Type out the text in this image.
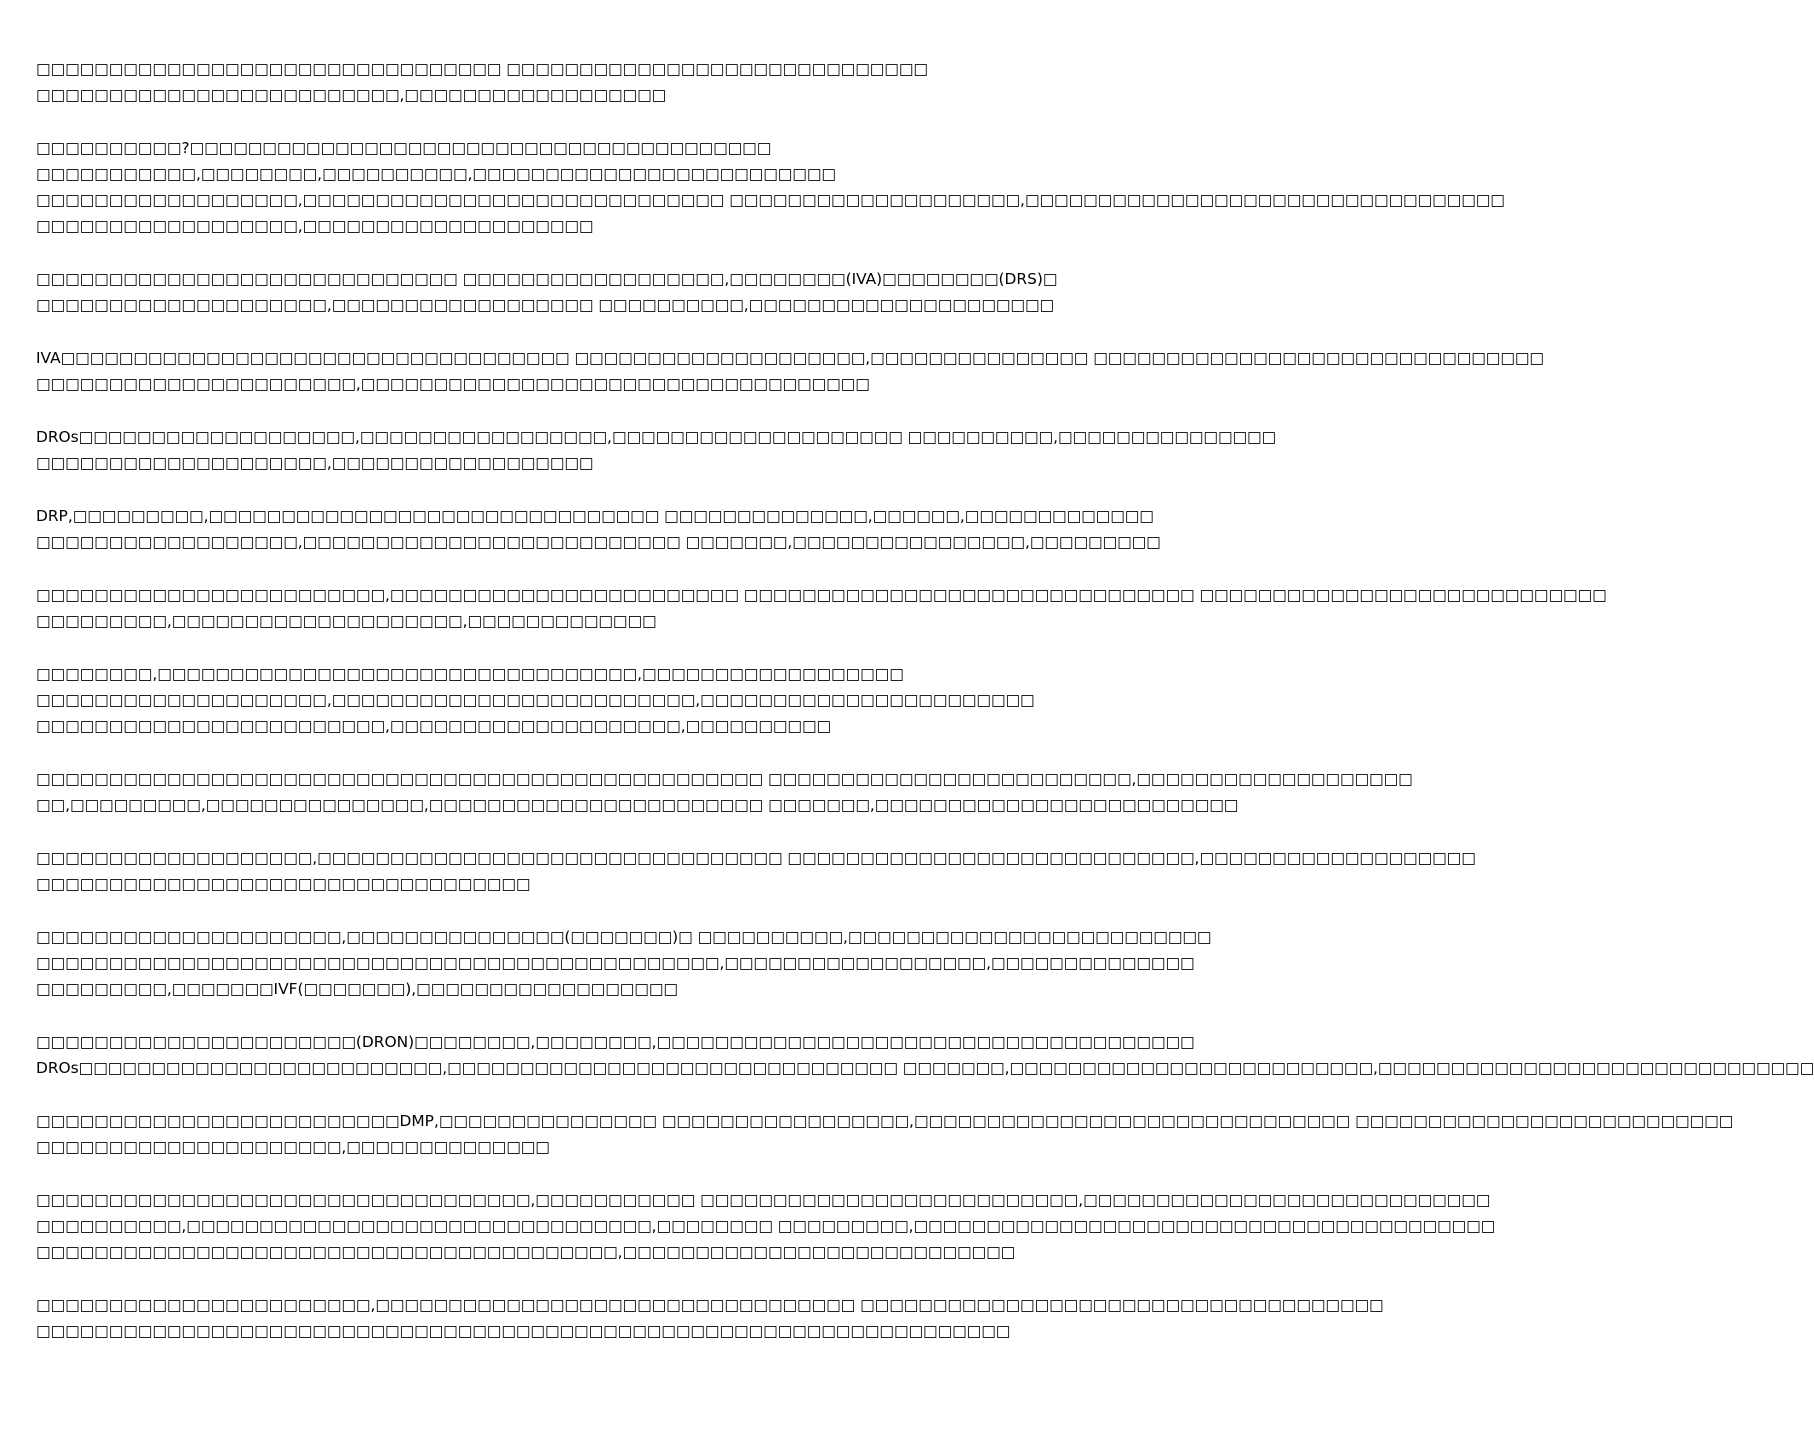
□□□□□□□□□□□□□□□□□□□□□□□□□□□□□□□□ □□□□□□□□□□□□□□□□□□□□□□□□□□□□□
□□□□□□□□□□□□□□□□□□□□□□□□□,□□□□□□□□□□□□□□□□□□

□□□□□□□□□□?□□□□□□□□□□□□□□□□□□□□□□□□□□□□□□□□□□□□□□□□
□□□□□□□□□□□,□□□□□□□□,□□□□□□□□□□,□□□□□□□□□□□□□□□□□□□□□□□□□
□□□□□□□□□□□□□□□□□□,□□□□□□□□□□□□□□□□□□□□□□□□□□□□□ □□□□□□□□□□□□□□□□□□□□,□□□□□□□□□□□□□□□□□□□□□□□□□□□□□□□□□
□□□□□□□□□□□□□□□□□□,□□□□□□□□□□□□□□□□□□□□

□□□□□□□□□□□□□□□□□□□□□□□□□□□□□ □□□□□□□□□□□□□□□□□□,□□□□□□□□(IVA)□□□□□□□□(DRS)□
□□□□□□□□□□□□□□□□□□□□,□□□□□□□□□□□□□□□□□□ □□□□□□□□□□,□□□□□□□□□□□□□□□□□□□□□

IVA□□□□□□□□□□□□□□□□□□□□□□□□□□□□□□□□□□□ □□□□□□□□□□□□□□□□□□□□,□□□□□□□□□□□□□□□ □□□□□□□□□□□□□□□□□□□□□□□□□□□□□□□
□□□□□□□□□□□□□□□□□□□□□□,□□□□□□□□□□□□□□□□□□□□□□□□□□□□□□□□□□□

DROs□□□□□□□□□□□□□□□□□□□,□□□□□□□□□□□□□□□□□,□□□□□□□□□□□□□□□□□□□□ □□□□□□□□□□,□□□□□□□□□□□□□□□
□□□□□□□□□□□□□□□□□□□□,□□□□□□□□□□□□□□□□□□

DRP,□□□□□□□□□,□□□□□□□□□□□□□□□□□□□□□□□□□□□□□□□ □□□□□□□□□□□□□□,□□□□□□,□□□□□□□□□□□□□
□□□□□□□□□□□□□□□□□□,□□□□□□□□□□□□□□□□□□□□□□□□□□ □□□□□□□,□□□□□□□□□□□□□□□□,□□□□□□□□□

□□□□□□□□□□□□□□□□□□□□□□□□,□□□□□□□□□□□□□□□□□□□□□□□□ □□□□□□□□□□□□□□□□□□□□□□□□□□□□□□□ □□□□□□□□□□□□□□□□□□□□□□□□□□□□
□□□□□□□□□,□□□□□□□□□□□□□□□□□□□□,□□□□□□□□□□□□□

□□□□□□□□,□□□□□□□□□□□□□□□□□□□□□□□□□□□□□□□□□,□□□□□□□□□□□□□□□□□□
□□□□□□□□□□□□□□□□□□□□,□□□□□□□□□□□□□□□□□□□□□□□□□,□□□□□□□□□□□□□□□□□□□□□□□
□□□□□□□□□□□□□□□□□□□□□□□□,□□□□□□□□□□□□□□□□□□□□,□□□□□□□□□□

□□□□□□□□□□□□□□□□□□□□□□□□□□□□□□□□□□□□□□□□□□□□□□□□□□ □□□□□□□□□□□□□□□□□□□□□□□□□,□□□□□□□□□□□□□□□□□□□
□□,□□□□□□□□□,□□□□□□□□□□□□□□□,□□□□□□□□□□□□□□□□□□□□□□□ □□□□□□□,□□□□□□□□□□□□□□□□□□□□□□□□□

□□□□□□□□□□□□□□□□□□□,□□□□□□□□□□□□□□□□□□□□□□□□□□□□□□□□ □□□□□□□□□□□□□□□□□□□□□□□□□□□□,□□□□□□□□□□□□□□□□□□□
□□□□□□□□□□□□□□□□□□□□□□□□□□□□□□□□□□

□□□□□□□□□□□□□□□□□□□□□,□□□□□□□□□□□□□□□(□□□□□□□)□ □□□□□□□□□□,□□□□□□□□□□□□□□□□□□□□□□□□□
□□□□□□□□□□□□□□□□□□□□□□□□□□□□□□□□□□□□□□□□□□□□□□□,□□□□□□□□□□□□□□□□□□,□□□□□□□□□□□□□□
□□□□□□□□□,□□□□□□□IVF(□□□□□□□),□□□□□□□□□□□□□□□□□□

□□□□□□□□□□□□□□□□□□□□□□(DRON)□□□□□□□□,□□□□□□□□,□□□□□□□□□□□□□□□□□□□□□□□□□□□□□□□□□□□□□
DROs□□□□□□□□□□□□□□□□□□□□□□□□□,□□□□□□□□□□□□□□□□□□□□□□□□□□□□□□□ □□□□□□□,□□□□□□□□□□□□□□□□□□□□□□□□□,□□□□□□□□□□□□□□□□□□□□□□□□□□□□□□

□□□□□□□□□□□□□□□□□□□□□□□□□DMP,□□□□□□□□□□□□□□□ □□□□□□□□□□□□□□□□□,□□□□□□□□□□□□□□□□□□□□□□□□□□□□□□ □□□□□□□□□□□□□□□□□□□□□□□□□□
□□□□□□□□□□□□□□□□□□□□□,□□□□□□□□□□□□□□

□□□□□□□□□□□□□□□□□□□□□□□□□□□□□□□□□□,□□□□□□□□□□□ □□□□□□□□□□□□□□□□□□□□□□□□□□,□□□□□□□□□□□□□□□□□□□□□□□□□□□□
□□□□□□□□□□,□□□□□□□□□□□□□□□□□□□□□□□□□□□□□□□□,□□□□□□□□ □□□□□□□□□,□□□□□□□□□□□□□□□□□□□□□□□□□□□□□□□□□□□□□□□□
□□□□□□□□□□□□□□□□□□□□□□□□□□□□□□□□□□□□□□□□,□□□□□□□□□□□□□□□□□□□□□□□□□□□

□□□□□□□□□□□□□□□□□□□□□□□,□□□□□□□□□□□□□□□□□□□□□□□□□□□□□□□□□ □□□□□□□□□□□□□□□□□□□□□□□□□□□□□□□□□□□□
□□□□□□□□□□□□□□□□□□□□□□□□□□□□□□□□□□□□□□□□□□□□□□□□□□□□□□□□□□□□□□□□□□□
